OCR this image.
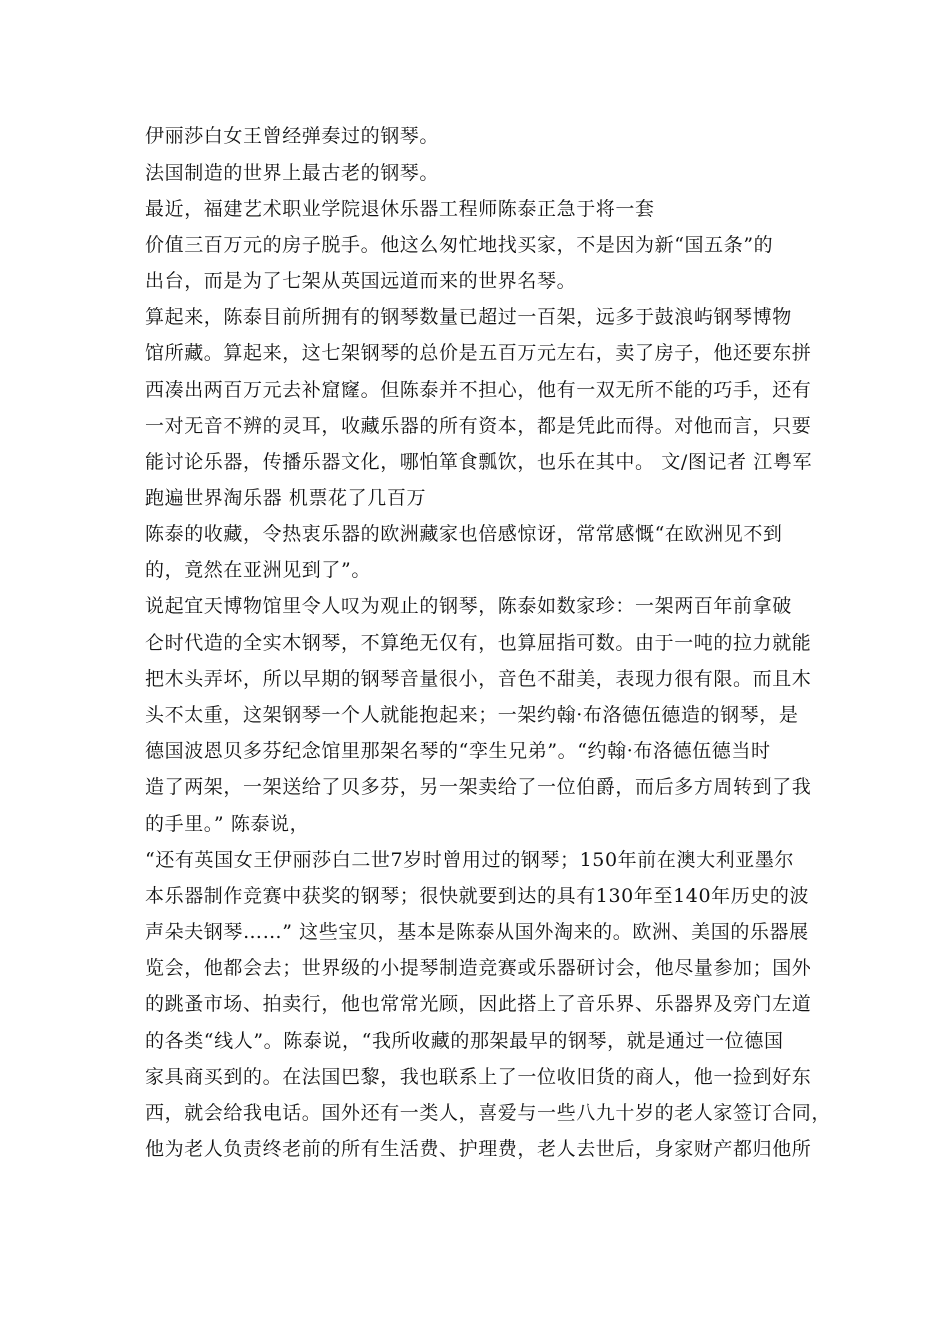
伊丽莎白女王曾经弹奏过的钢琴。
法国制造的世界上最古老的钢琴。
最近，福建艺术职业学院退休乐器工程师陈泰正急于将一套
价值三百万元的房子脱手。他这么匆忙地找买家，不是因为新“国五条”的
出台，而是为了七架从英国远道而来的世界名琴。
算起来，陈泰目前所拥有的钢琴数量已超过一百架，远多于鼓浪屿钢琴博物
馆所藏。算起来，这七架钢琴的总价是五百万元左右，卖了房子，他还要东拼
西凑出两百万元去补窟窿。但陈泰并不担心，他有一双无所不能的巧手，还有
一对无音不辨的灵耳，收藏乐器的所有资本，都是凭此而得。对他而言，只要
能讨论乐器，传播乐器文化，哪怕箪食瓢饮，也乐在其中。 文/图记者 江粤军
跑遍世界淘乐器 机票花了几百万
陈泰的收藏，令热衷乐器的欧洲藏家也倍感惊讶，常常感慨“在欧洲见不到
的，竟然在亚洲见到了”。
说起宜天博物馆里令人叹为观止的钢琴，陈泰如数家珍：一架两百年前拿破
仑时代造的全实木钢琴，不算绝无仅有，也算屈指可数。由于一吨的拉力就能
把木头弄坏，所以早期的钢琴音量很小，音色不甜美，表现力很有限。而且木
头不太重，这架钢琴一个人就能抱起来；一架约翰·布洛德伍德造的钢琴，是
德国波恩贝多芬纪念馆里那架名琴的“孪生兄弟”。“约翰·布洛德伍德当时
造了两架，一架送给了贝多芬，另一架卖给了一位伯爵，而后多方周转到了我
的手里。” 陈泰说，
“还有英国女王伊丽莎白二世7岁时曾用过的钢琴；150年前在澳大利亚墨尔
本乐器制作竞赛中获奖的钢琴；很快就要到达的具有130年至140年历史的波
声朵夫钢琴……” 这些宝贝，基本是陈泰从国外淘来的。欧洲、美国的乐器展
览会，他都会去；世界级的小提琴制造竞赛或乐器研讨会，他尽量参加；国外
的跳蚤市场、拍卖行，他也常常光顾，因此搭上了音乐界、乐器界及旁门左道
的各类“线人”。陈泰说，“我所收藏的那架最早的钢琴，就是通过一位德国
家具商买到的。在法国巴黎，我也联系上了一位收旧货的商人，他一捡到好东
西，就会给我电话。国外还有一类人，喜爱与一些八九十岁的老人家签订合同，
他为老人负责终老前的所有生活费、护理费，老人去世后，身家财产都归他所
